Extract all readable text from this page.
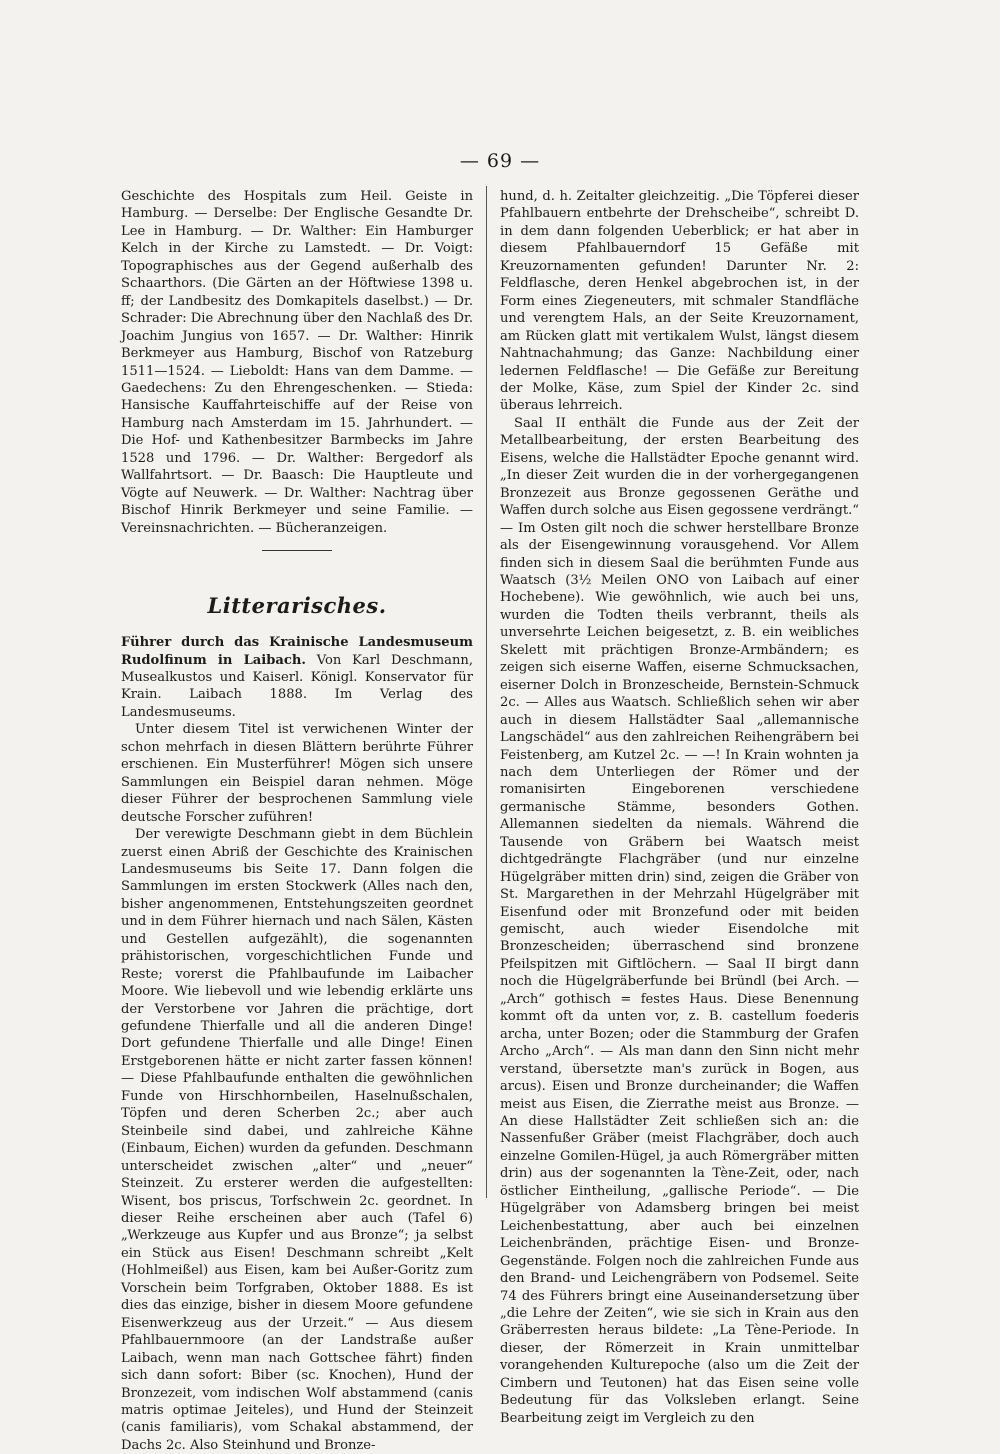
— 69 —

Geschichte des Hospitals zum Heil. Geiste in Hamburg. — Derselbe: Der Englische Gesandte Dr. Lee in Hamburg. — Dr. Walther: Ein Hamburger Kelch in der Kirche zu Lamstedt. — Dr. Voigt: Topographisches aus der Gegend außerhalb des Schaarthors. (Die Gärten an der Höftwiese 1398 u. ff; der Landbesitz des Domkapitels daselbst.) — Dr. Schrader: Die Abrechnung über den Nachlaß des Dr. Joachim Jungius von 1657. — Dr. Walther: Hinrik Berkmeyer aus Hamburg, Bischof von Ratzeburg 1511—1524. — Lieboldt: Hans van dem Damme. — Gaedechens: Zu den Ehrengeschenken. — Stieda: Hansische Kauffahrteischiffe auf der Reise von Hamburg nach Amsterdam im 15. Jahrhundert. — Die Hof- und Kathenbesitzer Barmbecks im Jahre 1528 und 1796. — Dr. Walther: Bergedorf als Wallfahrtsort. — Dr. Baasch: Die Hauptleute und Vögte auf Neuwerk. — Dr. Walther: Nachtrag über Bischof Hinrik Berkmeyer und seine Familie. — Vereinsnachrichten. — Bücheranzeigen.

Litterarisches.

Führer durch das Krainische Landesmuseum Rudolfinum in Laibach. Von Karl Deschmann, Musealkustos und Kaiserl. Königl. Konservator für Krain. Laibach 1888. Im Verlag des Landesmuseums.

Unter diesem Titel ist verwichenen Winter der schon mehrfach in diesen Blättern berührte Führer erschienen. Ein Musterführer! Mögen sich unsere Sammlungen ein Beispiel daran nehmen. Möge dieser Führer der besprochenen Sammlung viele deutsche Forscher zuführen!

Der verewigte Deschmann giebt in dem Büchlein zuerst einen Abriß der Geschichte des Krainischen Landesmuseums bis Seite 17. Dann folgen die Sammlungen im ersten Stockwerk (Alles nach den, bisher angenommenen, Entstehungszeiten geordnet und in dem Führer hiernach und nach Sälen, Kästen und Gestellen aufgezählt), die sogenannten prähistorischen, vorgeschichtlichen Funde und Reste; vorerst die Pfahlbaufunde im Laibacher Moore. Wie liebevoll und wie lebendig erklärte uns der Verstorbene vor Jahren die prächtige, dort gefundene Thierfalle und all die anderen Dinge! Dort gefundene Thierfalle und alle Dinge! Einen Erstgeborenen hätte er nicht zarter fassen können! — Diese Pfahlbaufunde enthalten die gewöhnlichen Funde von Hirschhornbeilen, Haselnußschalen, Töpfen und deren Scherben 2c.; aber auch Steinbeile sind dabei, und zahlreiche Kähne (Einbaum, Eichen) wurden da gefunden. Deschmann unterscheidet zwischen „alter“ und „neuer“ Steinzeit. Zu ersterer werden die aufgestellten: Wisent, bos priscus, Torfschwein 2c. geordnet. In dieser Reihe erscheinen aber auch (Tafel 6) „Werkzeuge aus Kupfer und aus Bronze“; ja selbst ein Stück aus Eisen! Deschmann schreibt „Kelt (Hohlmeißel) aus Eisen, kam bei Außer-Goritz zum Vorschein beim Torfgraben, Oktober 1888. Es ist dies das einzige, bisher in diesem Moore gefundene Eisenwerkzeug aus der Urzeit.“ — Aus diesem Pfahlbauernmoore (an der Landstraße außer Laibach, wenn man nach Gottschee fährt) finden sich dann sofort: Biber (sc. Knochen), Hund der Bronzezeit, vom indischen Wolf abstammend (canis matris optimae Jeiteles), und Hund der Steinzeit (canis familiaris), vom Schakal abstammend, der Dachs 2c. Also Steinhund und Bronze-

hund, d. h. Zeitalter gleichzeitig. „Die Töpferei dieser Pfahlbauern entbehrte der Drehscheibe“, schreibt D. in dem dann folgenden Ueberblick; er hat aber in diesem Pfahlbauerndorf 15 Gefäße mit Kreuzornamenten gefunden! Darunter Nr. 2: Feldflasche, deren Henkel abgebrochen ist, in der Form eines Ziegeneuters, mit schmaler Standfläche und verengtem Hals, an der Seite Kreuzornament, am Rücken glatt mit vertikalem Wulst, längst diesem Nahtnachahmung; das Ganze: Nachbildung einer ledernen Feldflasche! — Die Gefäße zur Bereitung der Molke, Käse, zum Spiel der Kinder 2c. sind überaus lehrreich.

Saal II enthält die Funde aus der Zeit der Metallbearbeitung, der ersten Bearbeitung des Eisens, welche die Hallstädter Epoche genannt wird. „In dieser Zeit wurden die in der vorhergegangenen Bronzezeit aus Bronze gegossenen Geräthe und Waffen durch solche aus Eisen gegossene verdrängt.“ — Im Osten gilt noch die schwer herstellbare Bronze als der Eisengewinnung vorausgehend. Vor Allem finden sich in diesem Saal die berühmten Funde aus Waatsch (3½ Meilen ONO von Laibach auf einer Hochebene). Wie gewöhnlich, wie auch bei uns, wurden die Todten theils verbrannt, theils als unversehrte Leichen beigesetzt, z. B. ein weibliches Skelett mit prächtigen Bronze-Armbändern; es zeigen sich eiserne Waffen, eiserne Schmucksachen, eiserner Dolch in Bronzescheide, Bernstein-Schmuck 2c. — Alles aus Waatsch. Schließlich sehen wir aber auch in diesem Hallstädter Saal „allemannische Langschädel“ aus den zahlreichen Reihengräbern bei Feistenberg, am Kutzel 2c. — —! In Krain wohnten ja nach dem Unterliegen der Römer und der romanisirten Eingeborenen verschiedene germanische Stämme, besonders Gothen. Allemannen siedelten da niemals. Während die Tausende von Gräbern bei Waatsch meist dichtgedrängte Flachgräber (und nur einzelne Hügelgräber mitten drin) sind, zeigen die Gräber von St. Margarethen in der Mehrzahl Hügelgräber mit Eisenfund oder mit Bronzefund oder mit beiden gemischt, auch wieder Eisendolche mit Bronzescheiden; überraschend sind bronzene Pfeilspitzen mit Giftlöchern. — Saal II birgt dann noch die Hügelgräberfunde bei Bründl (bei Arch. — „Arch“ gothisch = festes Haus. Diese Benennung kommt oft da unten vor, z. B. castellum foederis archa, unter Bozen; oder die Stammburg der Grafen Archo „Arch“. — Als man dann den Sinn nicht mehr verstand, übersetzte man's zurück in Bogen, aus arcus). Eisen und Bronze durcheinander; die Waffen meist aus Eisen, die Zierrathe meist aus Bronze. — An diese Hallstädter Zeit schließen sich an: die Nassenfußer Gräber (meist Flachgräber, doch auch einzelne Gomilen-Hügel, ja auch Römergräber mitten drin) aus der sogenannten la Tène-Zeit, oder, nach östlicher Eintheilung, „gallische Periode“. — Die Hügelgräber von Adamsberg bringen bei meist Leichenbestattung, aber auch bei einzelnen Leichenbränden, prächtige Eisen- und Bronze-Gegenstände. Folgen noch die zahlreichen Funde aus den Brand- und Leichengräbern von Podsemel. Seite 74 des Führers bringt eine Auseinandersetzung über „die Lehre der Zeiten“, wie sie sich in Krain aus den Gräberresten heraus bildete: „La Tène-Periode. In dieser, der Römerzeit in Krain unmittelbar vorangehenden Kulturepoche (also um die Zeit der Cimbern und Teutonen) hat das Eisen seine volle Bedeutung für das Volksleben erlangt. Seine Bearbeitung zeigt im Vergleich zu den
